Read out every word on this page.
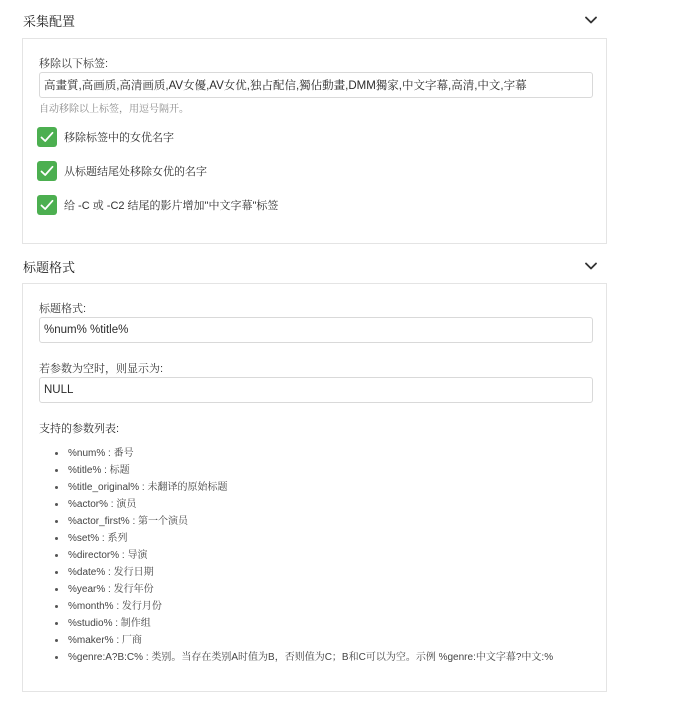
采集配置
移除以下标签:
高畫質,高画质,高清画质,AV女優,AV女优,独占配信,獨佔動畫,DMM獨家,中文字幕,高清,中文,字幕
自动移除以上标签，用逗号隔开。
移除标签中的女优名字
从标题结尾处移除女优的名字
给 -C 或 -C2 结尾的影片增加"中文字幕"标签
标题格式
标题格式:
%num% %title%
若参数为空时，则显示为:
NULL
支持的参数列表:
%num% : 番号
%title% : 标题
%title_original% : 未翻译的原始标题
%actor% : 演员
%actor_first% : 第一个演员
%set% : 系列
%director% : 导演
%date% : 发行日期
%year% : 发行年份
%month% : 发行月份
%studio% : 制作组
%maker% : 厂商
%genre:A?B:C% : 类别。当存在类别A时值为B，否则值为C；B和C可以为空。示例 %genre:中文字幕?中文:%
